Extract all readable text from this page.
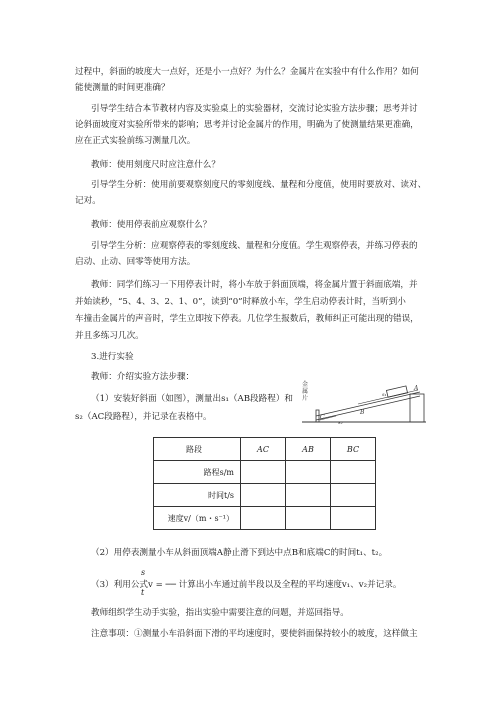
过程中，斜面的坡度大一点好，还是小一点好？为什么？金属片在实验中有什么作用？如何
能使测量的时间更准确？
引导学生结合本节教材内容及实验桌上的实验器材，交流讨论实验方法步骤；思考并讨
论斜面坡度对实验所带来的影响；思考并讨论金属片的作用，明确为了使测量结果更准确，
应在正式实验前练习测量几次。
教师：使用刻度尺时应注意什么？
引导学生分析：使用前要观察刻度尺的零刻度线、量程和分度值，使用时要放对、读对、
记对。
教师：使用停表前应观察什么？
引导学生分析：应观察停表的零刻度线、量程和分度值。学生观察停表，并练习停表的
启动、止动、回零等使用方法。
教师：同学们练习一下用停表计时，将小车放于斜面顶端，将金属片置于斜面底端，并
并始读秒，“5、4、3、2、1、0”，读到“0”时释放小车，学生启动停表计时，当听到小
车撞击金属片的声音时，学生立即按下停表。几位学生报数后，教师纠正可能出现的错误，
并且多练习几次。
3.进行实验
教师：介绍实验方法步骤：
（1）安装好斜面（如图），测量出s₁（AB段路程）和
s₂（AC段路程），并记录在表格中。
金
属
片
C
B
A
s₁
s₂
路段	AC	AB	BC
路程s/m			
时间t/s			
速度v/（m・s⁻¹）			
（2）用停表测量小车从斜面顶端A静止滑下到达中点B和底端C的时间t₁、t₂。
s
t
（3）利用公式v = ── 计算出小车通过前半段以及全程的平均速度v₁、v₂并记录。
教师组织学生动手实验，指出实验中需要注意的问题，并巡回指导。
注意事项：①测量小车沿斜面下滑的平均速度时，要使斜面保持较小的坡度，这样做主
